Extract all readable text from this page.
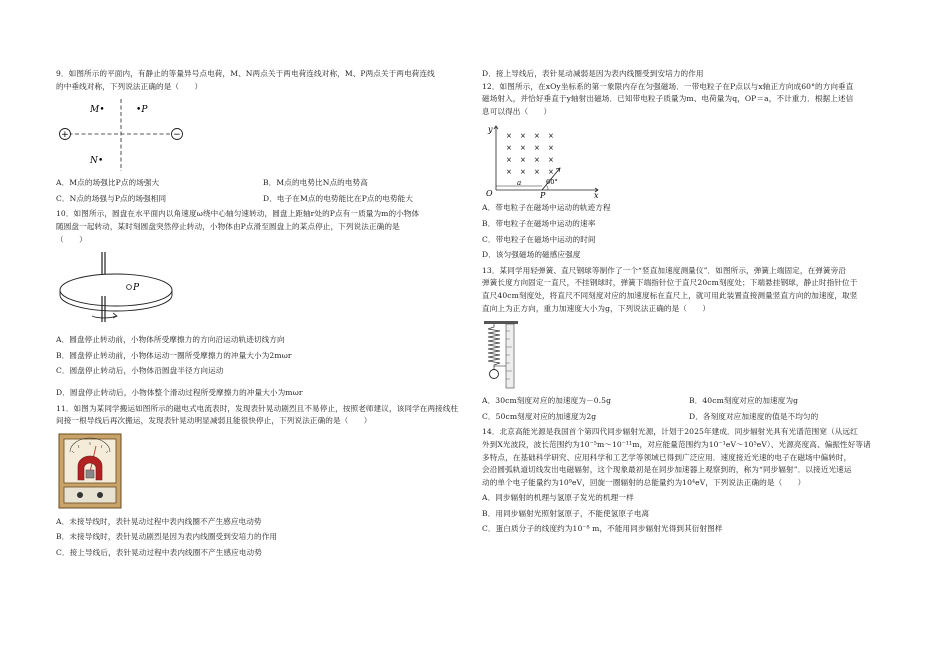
9．如图所示的平面内，有静止的等量异号点电荷，M、N两点关于两电荷连线对称，M、P两点关于两电荷连线

的中垂线对称，下列说法正确的是（　　）

+	−
M•	•P
N•
A．M点的场强比P点的场强大	B．M点的电势比N点的电势高
C．N点的场强与P点的场强相同	D．电子在M点的电势能比在P点的电势能大

10．如图所示，圆盘在水平面内以角速度ω绕中心轴匀速转动，圆盘上距轴r处的P点有一质量为m的小物体

随圆盘一起转动，某时刻圆盘突然停止转动，小物体由P点滑至圆盘上的某点停止，下列说法正确的是

（　　）

P

A．圆盘停止转动前，小物体所受摩擦力的方向沿运动轨迹切线方向

B．圆盘停止转动前，小物体运动一圈所受摩擦力的冲量大小为2mωr

C．圆盘停止转动后，小物体沿圆盘半径方向运动

D．圆盘停止转动后，小物体整个滑动过程所受摩擦力的冲量大小为mωr

11．如图为某同学搬运如图所示的磁电式电流表时，发现表针晃动剧烈且不易停止，按照老师建议，该同学在两接线柱

间接一根导线后再次搬运，发现表针晃动明显减弱且能很快停止，下列说法正确的是（　　）

A．未接导线时，表针晃动过程中表内线圈不产生感应电动势

B．未接导线时，表针晃动剧烈是因为表内线圈受到安培力的作用

C．接上导线后，表针晃动过程中表内线圈不产生感应电动势

D．接上导线后，表针晃动减弱是因为表内线圈受到安培力的作用

12．如图所示，在xOy坐标系的第一象限内存在匀强磁场．一带电粒子在P点以与x轴正方向成60°的方向垂直

磁场射入，并恰好垂直于y轴射出磁场．已知带电粒子质量为m、电荷量为q，OP＝a，不计重力．根据上述信

息可以得出（　　）

y
x
O
× × × ×
× × × ×
× × × ×
× × × ×
a	60°
P

A．带电粒子在磁场中运动的轨迹方程

B．带电粒子在磁场中运动的速率

C．带电粒子在磁场中运动的时间

D．该匀强磁场的磁感应强度

13．某同学用轻弹簧、直尺钢球等制作了一个“竖直加速度测量仪”．如图所示，弹簧上端固定，在弹簧旁沿

弹簧长度方向固定一直尺，不挂钢球时，弹簧下端指针位于直尺20cm刻度处；下端悬挂钢球，静止时指针位于

直尺40cm刻度处，将直尺不同刻度对应的加速度标在直尺上，就可用此装置直接测量竖直方向的加速度，取竖

直向上为正方向，重力加速度大小为g，下列说法正确的是（　　）

A．30cm刻度对应的加速度为－0.5g	B．40cm刻度对应的加速度为g
C．50cm刻度对应的加速度为2g	D．各刻度对应加速度的值是不均匀的

14．北京高能光源是我国首个第四代同步辐射光源，计划于2025年建成．同步辐射光具有光谱范围宽（从远红

外到X光波段，波长范围约为10⁻⁵m～10⁻¹¹m，对应能量范围约为10⁻¹eV～10⁵eV）、光源亮度高、偏振性好等诸

多特点，在基础科学研究、应用科学和工艺学等领域已得到广泛应用．速度接近光速的电子在磁场中偏转时，

会沿圆弧轨道切线发出电磁辐射，这个现象最初是在同步加速器上观察到的，称为“同步辐射”．以接近光速运

动的单个电子能量约为10⁹eV，回旋一圈辐射的总能量约为10⁴eV，下列说法正确的是（　　）

A．同步辐射的机理与氢原子发光的机理一样

B．用同步辐射光照射氢原子，不能使氢原子电离

C．蛋白质分子的线度约为10⁻⁸ m，不能用同步辐射光得到其衍射图样
